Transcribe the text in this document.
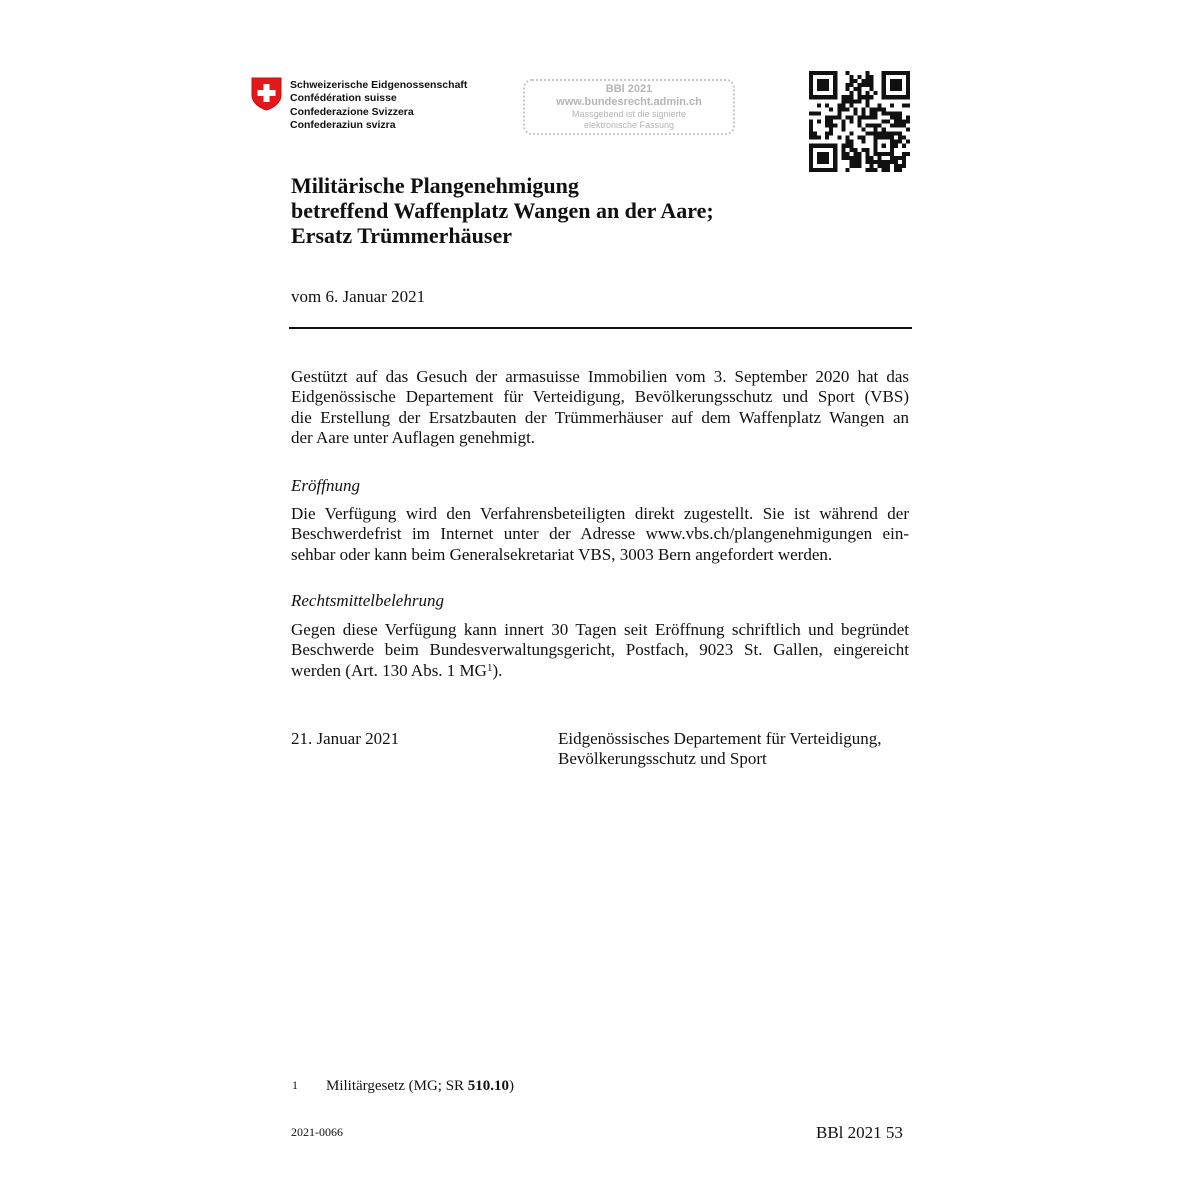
Schweizerische Eidgenossenschaft
Confédération suisse
Confederazione Svizzera
Confederaziun svizra
BBl 2021
www.bundesrecht.admin.ch
Massgebend ist die signierte
elektronische Fassung
Militärische Plangenehmigung
betreffend Waffenplatz Wangen an der Aare;
Ersatz Trümmerhäuser
vom 6. Januar 2021
Gestützt auf das Gesuch der armasuisse Immobilien vom 3. September 2020 hat das
Eidgenössische Departement für Verteidigung, Bevölkerungsschutz und Sport (VBS)
die Erstellung der Ersatzbauten der Trümmerhäuser auf dem Waffenplatz Wangen an
der Aare unter Auflagen genehmigt.
Eröffnung
Die Verfügung wird den Verfahrensbeteiligten direkt zugestellt. Sie ist während der
Beschwerdefrist im Internet unter der Adresse www.vbs.ch/plangenehmigungen ein-
sehbar oder kann beim Generalsekretariat VBS, 3003 Bern angefordert werden.
Rechtsmittelbelehrung
Gegen diese Verfügung kann innert 30 Tagen seit Eröffnung schriftlich und begründet
Beschwerde beim Bundesverwaltungsgericht, Postfach, 9023 St. Gallen, eingereicht
werden (Art. 130 Abs. 1 $MG^1$).
21. Januar 2021	Eidgenössisches Departement für Verteidigung,
Bevölkerungsschutz und Sport
1 Militärgesetz (MG; SR 510.10)
2021-0066	BBl 2021 53
